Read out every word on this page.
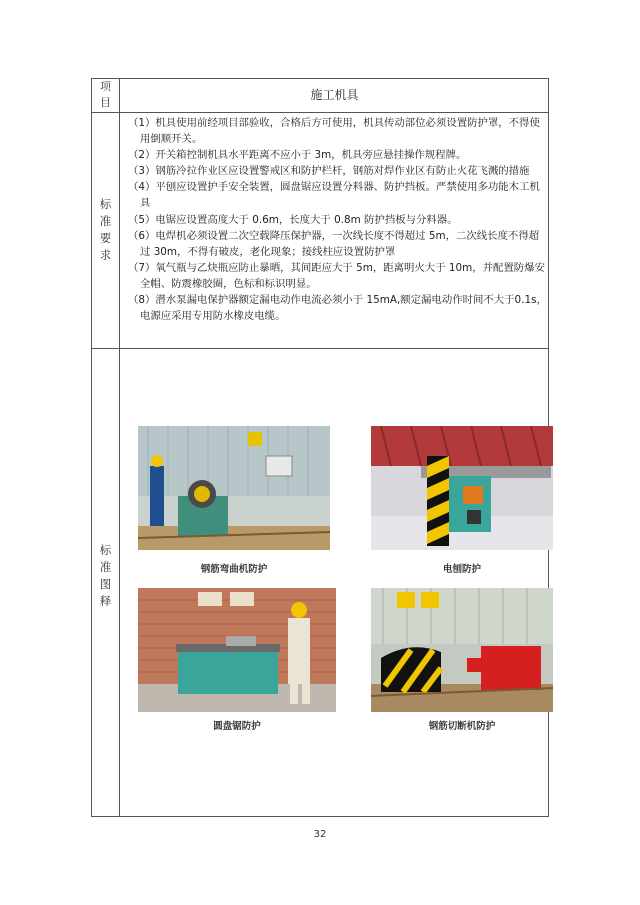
项目
施工机具
标准要求

（1）机具使用前经项目部验收，合格后方可使用，机具传动部位必须设置防护罩，不得使用倒顺开关。

（2）开关箱控制机具水平距离不应小于 3m，机具旁应悬挂操作规程牌。

（3）钢筋冷拉作业区应设置警戒区和防护栏杆，钢筋对焊作业区有防止火花飞溅的措施

（4）平刨应设置护手安全装置，圆盘锯应设置分料器、防护挡板。严禁使用多功能木工机具

（5）电锯应设置高度大于 0.6m，长度大于 0.8m 防护挡板与分料器。

（6）电焊机必须设置二次空载降压保护器，一次线长度不得超过 5m，二次线长度不得超过 30m，不得有破皮，老化现象；接线柱应设置防护罩

（7）氧气瓶与乙炔瓶应防止暴晒，其间距应大于 5m，距离明火大于 10m，并配置防爆安全帽、防震橡胶圈，色标和标识明显。

（8）潜水泵漏电保护器额定漏电动作电流必须小于 15mA,额定漏电动作时间不大于0.1s，电源应采用专用防水橡皮电缆。

标准图释
钢筋弯曲机防护	电刨防护
圆盘锯防护	钢筋切断机防护
32
